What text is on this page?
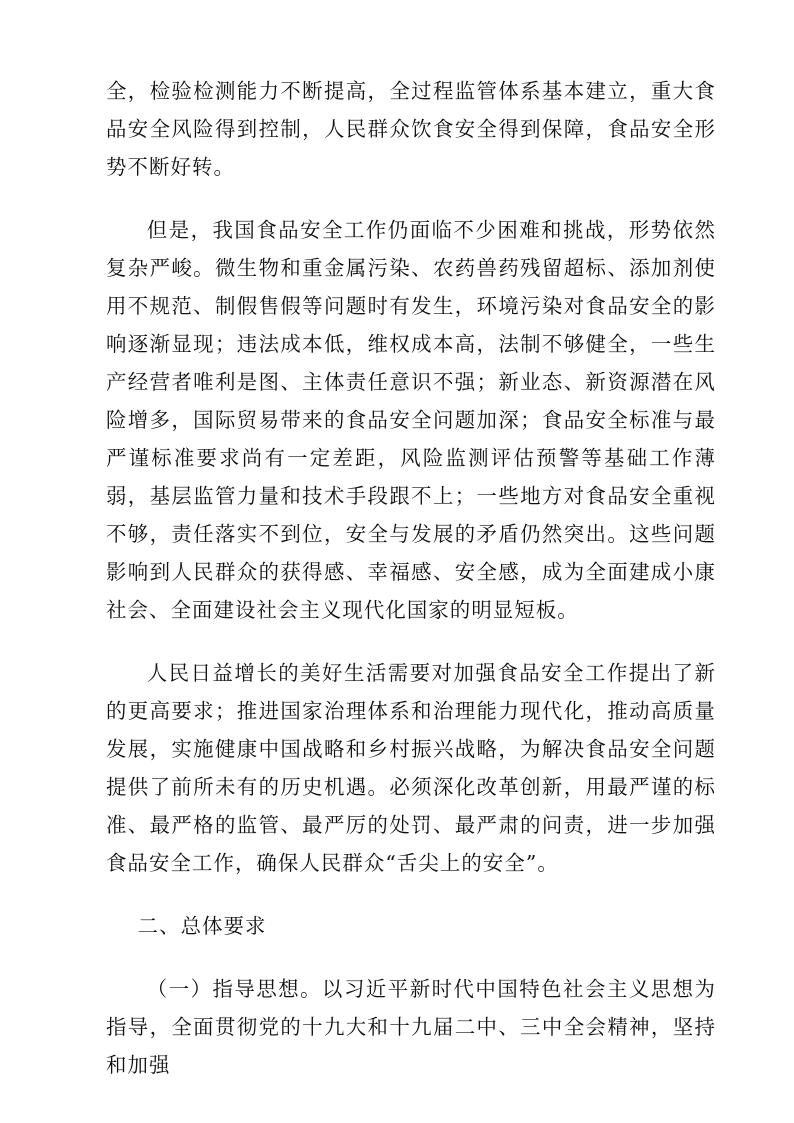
全，检验检测能力不断提高，全过程监管体系基本建立，重大食品安全风险得到控制，人民群众饮食安全得到保障，食品安全形势不断好转。

但是，我国食品安全工作仍面临不少困难和挑战，形势依然复杂严峻。微生物和重金属污染、农药兽药残留超标、添加剂使用不规范、制假售假等问题时有发生，环境污染对食品安全的影响逐渐显现；违法成本低，维权成本高，法制不够健全，一些生产经营者唯利是图、主体责任意识不强；新业态、新资源潜在风险增多，国际贸易带来的食品安全问题加深；食品安全标准与最严谨标准要求尚有一定差距，风险监测评估预警等基础工作薄弱，基层监管力量和技术手段跟不上；一些地方对食品安全重视不够，责任落实不到位，安全与发展的矛盾仍然突出。这些问题影响到人民群众的获得感、幸福感、安全感，成为全面建成小康社会、全面建设社会主义现代化国家的明显短板。

人民日益增长的美好生活需要对加强食品安全工作提出了新的更高要求；推进国家治理体系和治理能力现代化，推动高质量发展，实施健康中国战略和乡村振兴战略，为解决食品安全问题提供了前所未有的历史机遇。必须深化改革创新，用最严谨的标准、最严格的监管、最严厉的处罚、最严肃的问责，进一步加强食品安全工作，确保人民群众“舌尖上的安全”。

二、总体要求

（一）指导思想。以习近平新时代中国特色社会主义思想为指导，全面贯彻党的十九大和十九届二中、三中全会精神，坚持和加强
